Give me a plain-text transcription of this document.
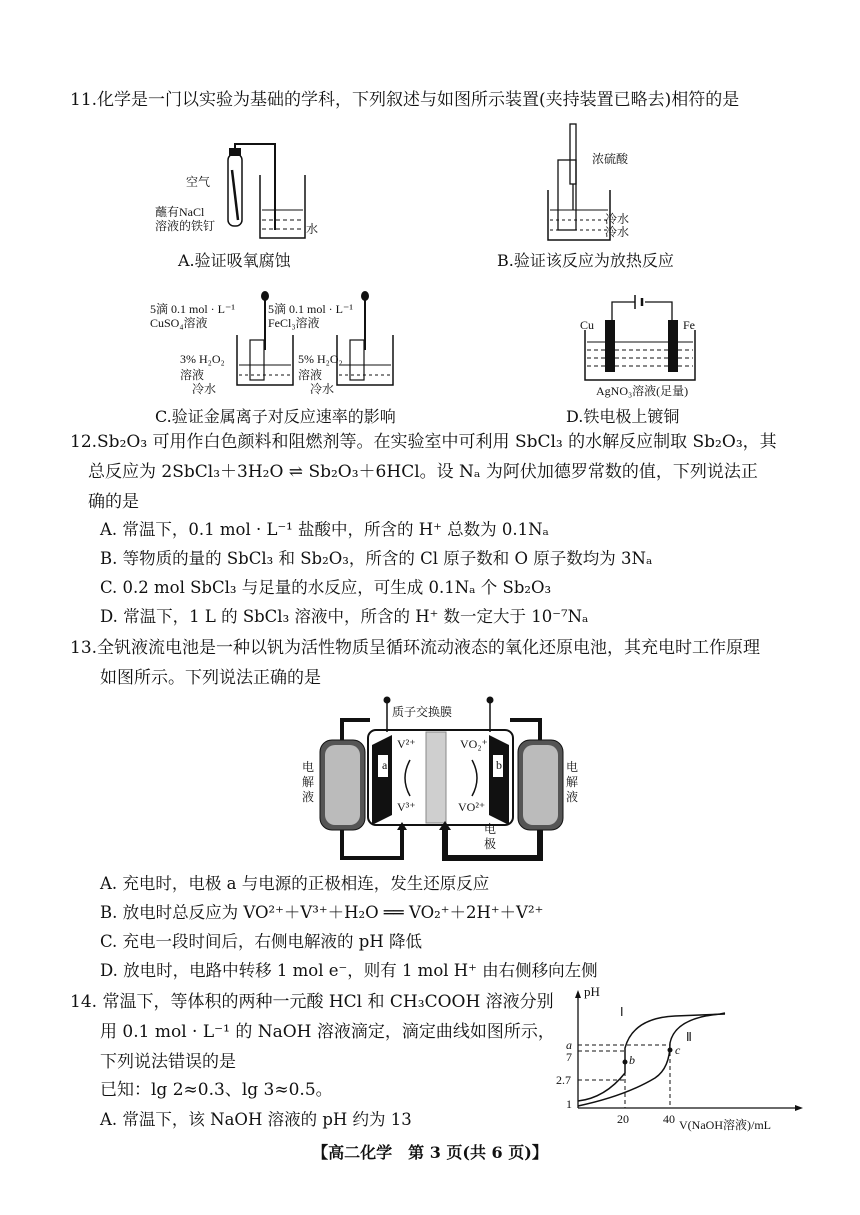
11.化学是一门以实验为基础的学科，下列叙述与如图所示装置(夹持装置已略去)相符的是
空气
蘸有NaCl
溶液的铁钉	水
A.验证吸氧腐蚀
浓硫酸
冷水
冷水
B.验证该反应为放热反应
5滴 0.1 mol · L⁻¹
CuSO₄溶液
5滴 0.1 mol · L⁻¹
FeCl₃溶液
3% H₂O₂
溶液
冷水
5% H₂O₂
溶液
冷水
C.验证金属离子对反应速率的影响
Cu	Fe
AgNO₃溶液(足量)
D.铁电极上镀铜
12.Sb₂O₃ 可用作白色颜料和阻燃剂等。在实验室中可利用 SbCl₃ 的水解反应制取 Sb₂O₃，其
总反应为 2SbCl₃＋3H₂O ⇌ Sb₂O₃＋6HCl。设 Nₐ 为阿伏加德罗常数的值，下列说法正
确的是
A. 常温下，0.1 mol · L⁻¹ 盐酸中，所含的 H⁺ 总数为 0.1Nₐ
B. 等物质的量的 SbCl₃ 和 Sb₂O₃，所含的 Cl 原子数和 O 原子数均为 3Nₐ
C. 0.2 mol SbCl₃ 与足量的水反应，可生成 0.1Nₐ 个 Sb₂O₃
D. 常温下，1 L 的 SbCl₃ 溶液中，所含的 H⁺ 数一定大于 10⁻⁷Nₐ
13.全钒液流电池是一种以钒为活性物质呈循环流动液态的氧化还原电池，其充电时工作原理
如图所示。下列说法正确的是
质子交换膜
V²⁺	VO₂⁺
V³⁺	VO²⁺
a	b
电解液
电解液
电极
A. 充电时，电极 a 与电源的正极相连，发生还原反应
B. 放电时总反应为 VO²⁺＋V³⁺＋H₂O ══ VO₂⁺＋2H⁺＋V²⁺
C. 充电一段时间后，右侧电解液的 pH 降低
D. 放电时，电路中转移 1 mol e⁻，则有 1 mol H⁺ 由右侧移向左侧
14. 常温下，等体积的两种一元酸 HCl 和 CH₃COOH 溶液分别
用 0.1 mol · L⁻¹ 的 NaOH 溶液滴定，滴定曲线如图所示，
下列说法错误的是
已知：lg 2≈0.3、lg 3≈0.5。
A. 常温下，该 NaOH 溶液的 pH 约为 13
pH
a
7
2.7
1
20	40 V(NaOH溶液)/mL
Ⅰ
Ⅱ
b
c
【高二化学　第 3 页(共 6 页)】
